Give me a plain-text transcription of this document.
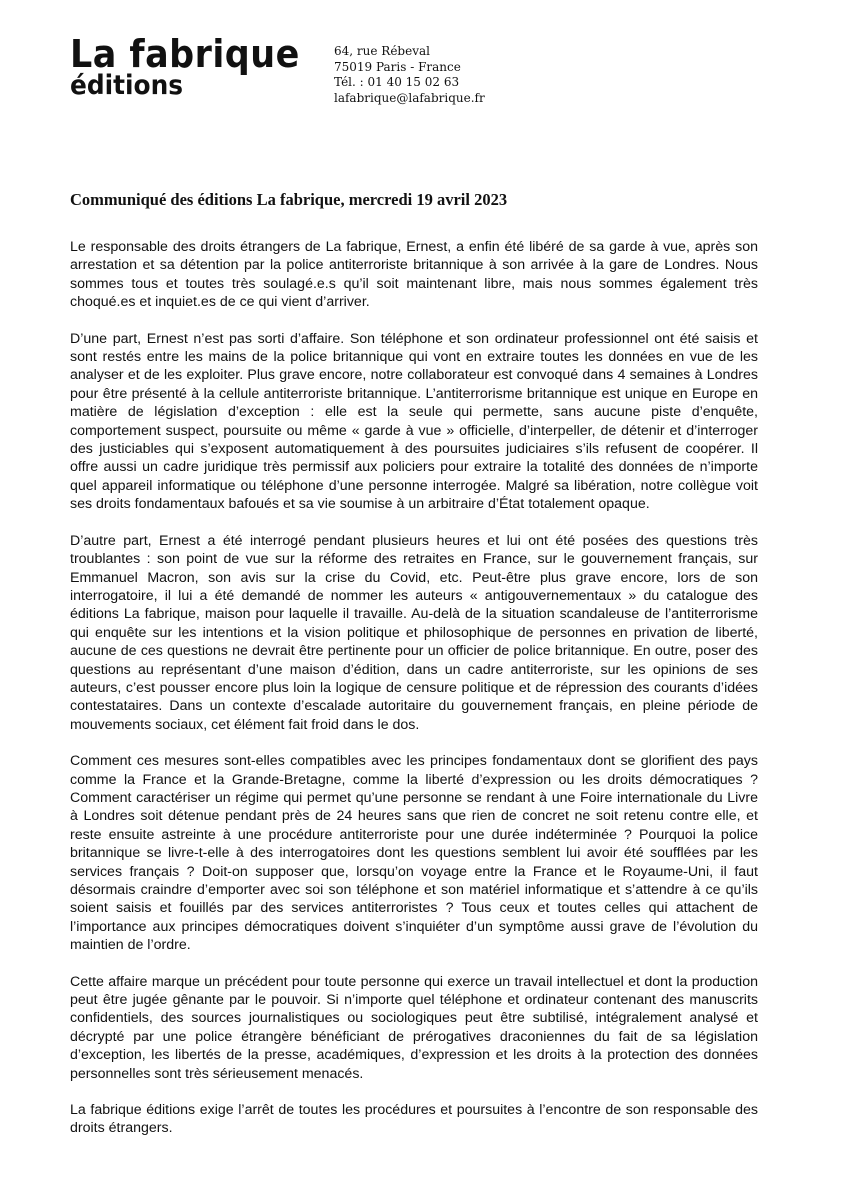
La fabrique
éditions
64, rue Rébeval
75019 Paris - France
Tél. : 01 40 15 02 63
lafabrique@lafabrique.fr
Communiqué des éditions La fabrique, mercredi 19 avril 2023

Le responsable des droits étrangers de La fabrique, Ernest, a enfin été libéré de sa garde à vue, après son arrestation et sa détention par la police antiterroriste britannique à son arrivée à la gare de Londres. Nous sommes tous et toutes très soulagé.e.s qu’il soit maintenant libre, mais nous sommes également très choqué.es et inquiet.es de ce qui vient d’arriver.

D’une part, Ernest n’est pas sorti d’affaire. Son téléphone et son ordinateur professionnel ont été saisis et sont restés entre les mains de la police britannique qui vont en extraire toutes les données en vue de les analyser et de les exploiter. Plus grave encore, notre collaborateur est convoqué dans 4 semaines à Londres pour être présenté à la cellule antiterroriste britannique. L’antiterrorisme britannique est unique en Europe en matière de législation d’exception : elle est la seule qui permette, sans aucune piste d’enquête, comportement suspect, poursuite ou même « garde à vue » officielle, d’interpeller, de détenir et d’interroger des justiciables qui s’exposent automatiquement à des poursuites judiciaires s’ils refusent de coopérer. Il offre aussi un cadre juridique très permissif aux policiers pour extraire la totalité des données de n’importe quel appareil informatique ou téléphone d’une personne interrogée. Malgré sa libération, notre collègue voit ses droits fondamentaux bafoués et sa vie soumise à un arbitraire d’État totalement opaque.

D’autre part, Ernest a été interrogé pendant plusieurs heures et lui ont été posées des questions très troublantes : son point de vue sur la réforme des retraites en France, sur le gouvernement français, sur Emmanuel Macron, son avis sur la crise du Covid, etc. Peut-être plus grave encore, lors de son interrogatoire, il lui a été demandé de nommer les auteurs « antigouvernementaux » du catalogue des éditions La fabrique, maison pour laquelle il travaille. Au-delà de la situation scandaleuse de l’antiterrorisme qui enquête sur les intentions et la vision politique et philosophique de personnes en privation de liberté, aucune de ces questions ne devrait être pertinente pour un officier de police britannique. En outre, poser des questions au représentant d’une maison d’édition, dans un cadre antiterroriste, sur les opinions de ses auteurs, c’est pousser encore plus loin la logique de censure politique et de répression des courants d’idées contestataires. Dans un contexte d’escalade autoritaire du gouvernement français, en pleine période de mouvements sociaux, cet élément fait froid dans le dos.

Comment ces mesures sont-elles compatibles avec les principes fondamentaux dont se glorifient des pays comme la France et la Grande-Bretagne, comme la liberté d’expression ou les droits démocratiques ? Comment caractériser un régime qui permet qu’une personne se rendant à une Foire internationale du Livre à Londres soit détenue pendant près de 24 heures sans que rien de concret ne soit retenu contre elle, et reste ensuite astreinte à une procédure antiterroriste pour une durée indéterminée ? Pourquoi la police britannique se livre-t-elle à des interrogatoires dont les questions semblent lui avoir été soufflées par les services français ? Doit-on supposer que, lorsqu’on voyage entre la France et le Royaume-Uni, il faut désormais craindre d’emporter avec soi son téléphone et son matériel informatique et s’attendre à ce qu’ils soient saisis et fouillés par des services antiterroristes ? Tous ceux et toutes celles qui attachent de l’importance aux principes démocratiques doivent s’inquiéter d’un symptôme aussi grave de l’évolution du maintien de l’ordre.

Cette affaire marque un précédent pour toute personne qui exerce un travail intellectuel et dont la production peut être jugée gênante par le pouvoir. Si n’importe quel téléphone et ordinateur contenant des manuscrits confidentiels, des sources journalistiques ou sociologiques peut être subtilisé, intégralement analysé et décrypté par une police étrangère bénéficiant de prérogatives draconiennes du fait de sa législation d’exception, les libertés de la presse, académiques, d’expression et les droits à la protection des données personnelles sont très sérieusement menacés.

La fabrique éditions exige l’arrêt de toutes les procédures et poursuites à l’encontre de son responsable des droits étrangers.
